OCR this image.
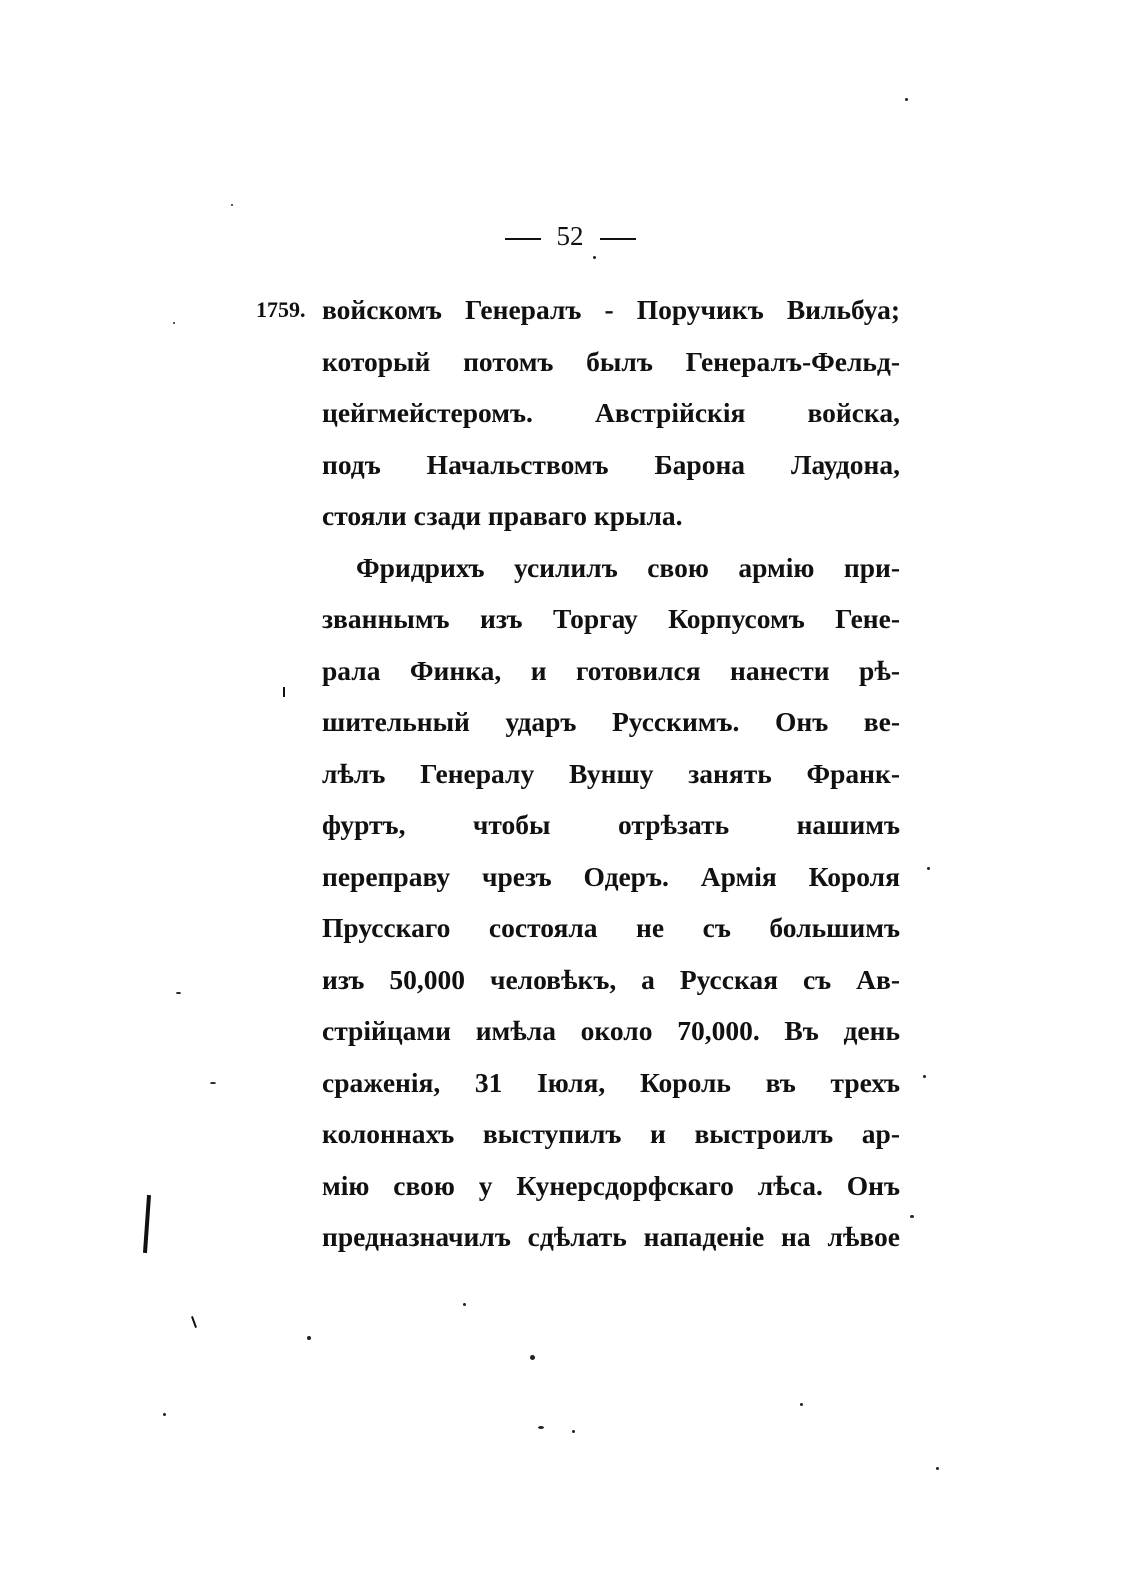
52
1759. войскомъ Генералъ - Поручикъ Вильбуа;
который потомъ былъ Генералъ-Фельд-
цейгмейстеромъ. Австрійскія войска,
подъ Начальствомъ Барона Лаудона,
стояли сзади праваго крыла.
Фридрихъ усилилъ свою армію при-
званнымъ изъ Торгау Корпусомъ Гене-
рала Финка, и готовился нанести рѣ-
шительный ударъ Русскимъ. Онъ ве-
лѣлъ Генералу Вуншу занять Франк-
фуртъ, чтобы отрѣзать нашимъ
переправу чрезъ Одеръ. Армія Короля
Прусскаго состояла не съ большимъ
изъ 50,000 человѣкъ, а Русская съ Ав-
стрійцами имѣла около 70,000. Въ день
сраженія, 31 Іюля, Король въ трехъ
колоннахъ выступилъ и выстроилъ ар-
мію свою у Кунерсдорфскаго лѣса. Онъ
предназначилъ сдѣлать нападеніе на лѣвое
